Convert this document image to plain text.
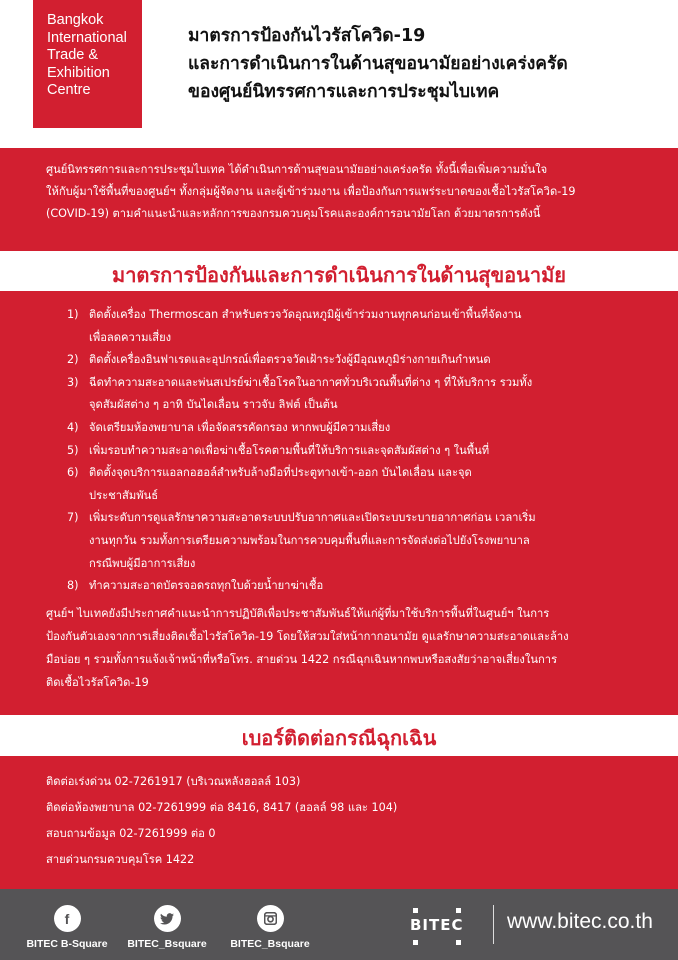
Bangkok
International
Trade &
Exhibition
Centre
มาตรการป้องกันไวรัสโควิด-19
และการดำเนินการในด้านสุขอนามัยอย่างเคร่งครัด
ของศูนย์นิทรรศการและการประชุมไบเทค
ศูนย์นิทรรศการและการประชุมไบเทค ได้ดำเนินการด้านสุขอนามัยอย่างเคร่งครัด ทั้งนี้เพื่อเพิ่มความมั่นใจ
ให้กับผู้มาใช้พื้นที่ของศูนย์ฯ ทั้งกลุ่มผู้จัดงาน และผู้เข้าร่วมงาน เพื่อป้องกันการแพร่ระบาดของเชื้อไวรัสโควิด-19
(COVID-19) ตามคำแนะนำและหลักการของกรมควบคุมโรคและองค์การอนามัยโลก ด้วยมาตรการดังนี้
มาตรการป้องกันและการดำเนินการในด้านสุขอนามัย
1) ติดตั้งเครื่อง Thermoscan สำหรับตรวจวัดอุณหภูมิผู้เข้าร่วมงานทุกคนก่อนเข้าพื้นที่จัดงาน
เพื่อลดความเสี่ยง
2) ติดตั้งเครื่องอินฟาเรดและอุปกรณ์เพื่อตรวจวัดเฝ้าระวังผู้มีอุณหภูมิร่างกายเกินกำหนด
3) ฉีดทำความสะอาดและพ่นสเปรย์ฆ่าเชื้อโรคในอากาศทั่วบริเวณพื้นที่ต่าง ๆ ที่ให้บริการ รวมทั้ง
จุดสัมผัสต่าง ๆ อาทิ บันไดเลื่อน ราวจับ ลิฟต์ เป็นต้น
4) จัดเตรียมห้องพยาบาล เพื่อจัดสรรคัดกรอง หากพบผู้มีความเสี่ยง
5) เพิ่มรอบทำความสะอาดเพื่อฆ่าเชื้อโรคตามพื้นที่ให้บริการและจุดสัมผัสต่าง ๆ ในพื้นที่
6) ติดตั้งจุดบริการแอลกอฮอล์สำหรับล้างมือที่ประตูทางเข้า-ออก บันไดเลื่อน และจุด
ประชาสัมพันธ์
7) เพิ่มระดับการดูแลรักษาความสะอาดระบบปรับอากาศและเปิดระบบระบายอากาศก่อน เวลาเริ่ม
งานทุกวัน รวมทั้งการเตรียมความพร้อมในการควบคุมพื้นที่และการจัดส่งต่อไปยังโรงพยาบาล
กรณีพบผู้มีอาการเสี่ยง
8) ทำความสะอาดบัตรจอดรถทุกใบด้วยน้ำยาฆ่าเชื้อ
ศูนย์ฯ ไบเทคยังมีประกาศคำแนะนำการปฏิบัติเพื่อประชาสัมพันธ์ให้แก่ผู้ที่มาใช้บริการพื้นที่ในศูนย์ฯ ในการ
ป้องกันตัวเองจากการเสี่ยงติดเชื้อไวรัสโควิด-19 โดยให้สวมใส่หน้ากากอนามัย ดูแลรักษาความสะอาดและล้าง
มือบ่อย ๆ รวมทั้งการแจ้งเจ้าหน้าที่หรือโทร. สายด่วน 1422 กรณีฉุกเฉินหากพบหรือสงสัยว่าอาจเสี่ยงในการ
ติดเชื้อไวรัสโควิด-19
เบอร์ติดต่อกรณีฉุกเฉิน
ติดต่อเร่งด่วน 02-7261917 (บริเวณหลังฮอลล์ 103)
ติดต่อห้องพยาบาล 02-7261999 ต่อ 8416, 8417 (ฮอลล์ 98 และ 104)
สอบถามข้อมูล 02-7261999 ต่อ 0
สายด่วนกรมควบคุมโรค 1422
f
BITEC B-Square	BITEC_Bsquare	BITEC_Bsquare
BITEC www.bitec.co.th
